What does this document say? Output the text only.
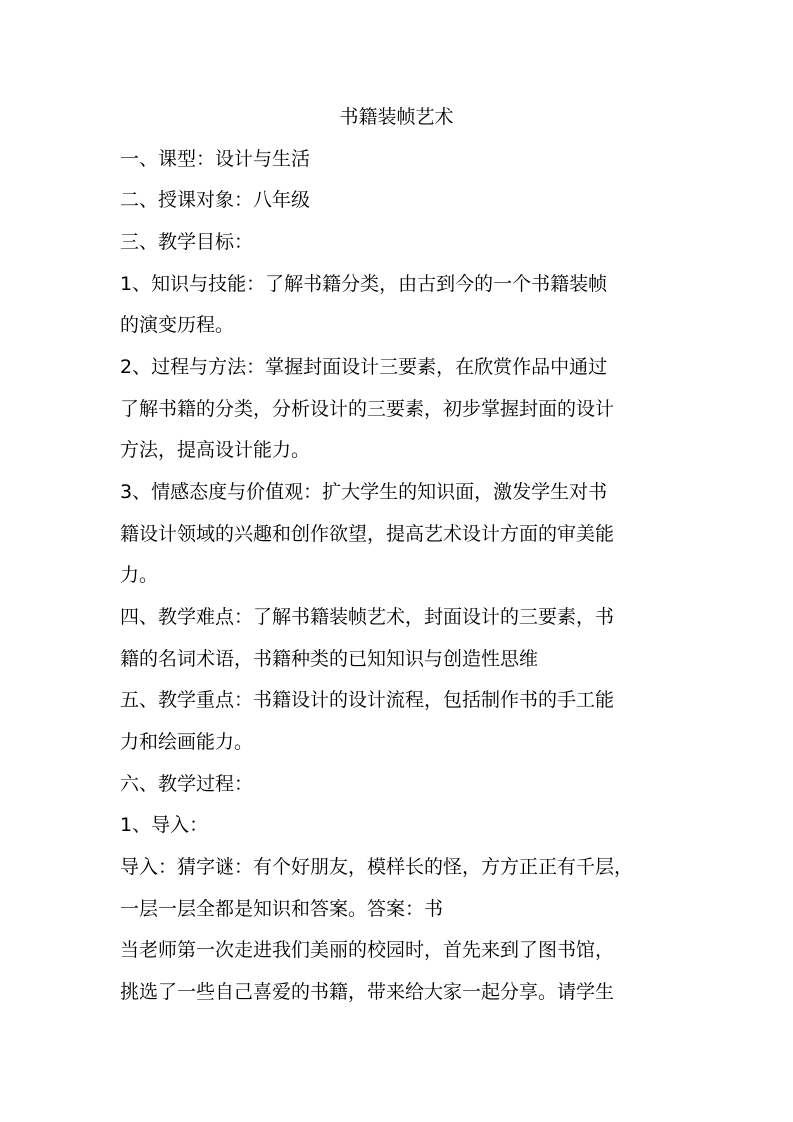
书籍装帧艺术
一、课型：设计与生活
二、授课对象：八年级
三、教学目标：
1、知识与技能：了解书籍分类，由古到今的一个书籍装帧
的演变历程。
2、过程与方法：掌握封面设计三要素，在欣赏作品中通过
了解书籍的分类，分析设计的三要素，初步掌握封面的设计
方法，提高设计能力。
3、情感态度与价值观：扩大学生的知识面，激发学生对书
籍设计领域的兴趣和创作欲望，提高艺术设计方面的审美能
力。
四、教学难点：了解书籍装帧艺术，封面设计的三要素，书
籍的名词术语，书籍种类的已知知识与创造性思维
五、教学重点：书籍设计的设计流程，包括制作书的手工能
力和绘画能力。
六、教学过程：
1、导入：
导入：猜字谜：有个好朋友，模样长的怪，方方正正有千层，
一层一层全都是知识和答案。答案：书
当老师第一次走进我们美丽的校园时，首先来到了图书馆，
挑选了一些自己喜爱的书籍，带来给大家一起分享。请学生
